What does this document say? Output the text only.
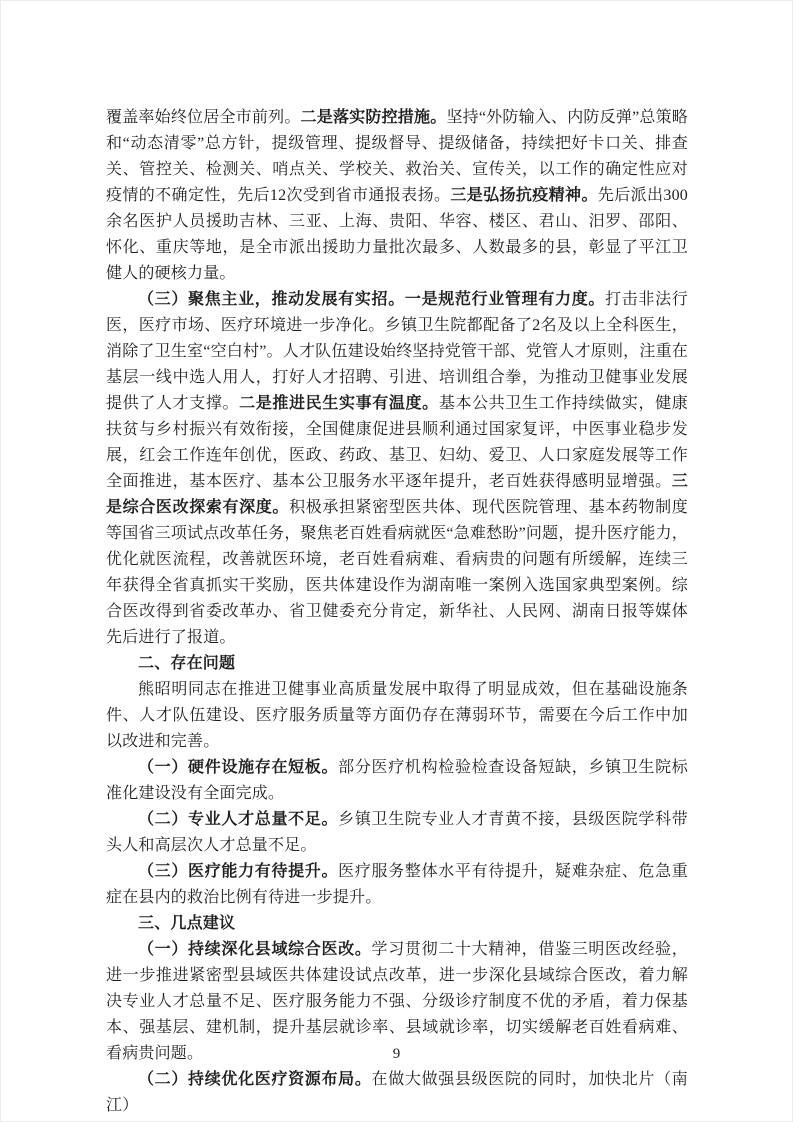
覆盖率始终位居全市前列。二是落实防控措施。坚持“外防输入、内防反弹”总策略和“动态清零”总方针，提级管理、提级督导、提级储备，持续把好卡口关、排查关、管控关、检测关、哨点关、学校关、救治关、宣传关，以工作的确定性应对疫情的不确定性，先后12次受到省市通报表扬。三是弘扬抗疫精神。先后派出300余名医护人员援助吉林、三亚、上海、贵阳、华容、楼区、君山、汨罗、邵阳、怀化、重庆等地，是全市派出援助力量批次最多、人数最多的县，彰显了平江卫健人的硬核力量。

（三）聚焦主业，推动发展有实招。一是规范行业管理有力度。打击非法行医，医疗市场、医疗环境进一步净化。乡镇卫生院都配备了2名及以上全科医生，消除了卫生室“空白村”。人才队伍建设始终坚持党管干部、党管人才原则，注重在基层一线中选人用人，打好人才招聘、引进、培训组合拳，为推动卫健事业发展提供了人才支撑。二是推进民生实事有温度。基本公共卫生工作持续做实，健康扶贫与乡村振兴有效衔接，全国健康促进县顺利通过国家复评，中医事业稳步发展，红会工作连年创优，医政、药政、基卫、妇幼、爱卫、人口家庭发展等工作全面推进，基本医疗、基本公卫服务水平逐年提升，老百姓获得感明显增强。三是综合医改探索有深度。积极承担紧密型医共体、现代医院管理、基本药物制度等国省三项试点改革任务，聚焦老百姓看病就医“急难愁盼”问题，提升医疗能力，优化就医流程，改善就医环境，老百姓看病难、看病贵的问题有所缓解，连续三年获得全省真抓实干奖励，医共体建设作为湖南唯一案例入选国家典型案例。综合医改得到省委改革办、省卫健委充分肯定，新华社、人民网、湖南日报等媒体先后进行了报道。

二、存在问题

熊昭明同志在推进卫健事业高质量发展中取得了明显成效，但在基础设施条件、人才队伍建设、医疗服务质量等方面仍存在薄弱环节，需要在今后工作中加以改进和完善。

（一）硬件设施存在短板。部分医疗机构检验检查设备短缺，乡镇卫生院标准化建设没有全面完成。

（二）专业人才总量不足。乡镇卫生院专业人才青黄不接，县级医院学科带头人和高层次人才总量不足。

（三）医疗能力有待提升。医疗服务整体水平有待提升，疑难杂症、危急重症在县内的救治比例有待进一步提升。

三、几点建议

（一）持续深化县域综合医改。学习贯彻二十大精神，借鉴三明医改经验，进一步推进紧密型县域医共体建设试点改革，进一步深化县域综合医改，着力解决专业人才总量不足、医疗服务能力不强、分级诊疗制度不优的矛盾，着力保基本、强基层、建机制，提升基层就诊率、县域就诊率，切实缓解老百姓看病难、看病贵问题。

（二）持续优化医疗资源布局。在做大做强县级医院的同时，加快北片（南江）

9
